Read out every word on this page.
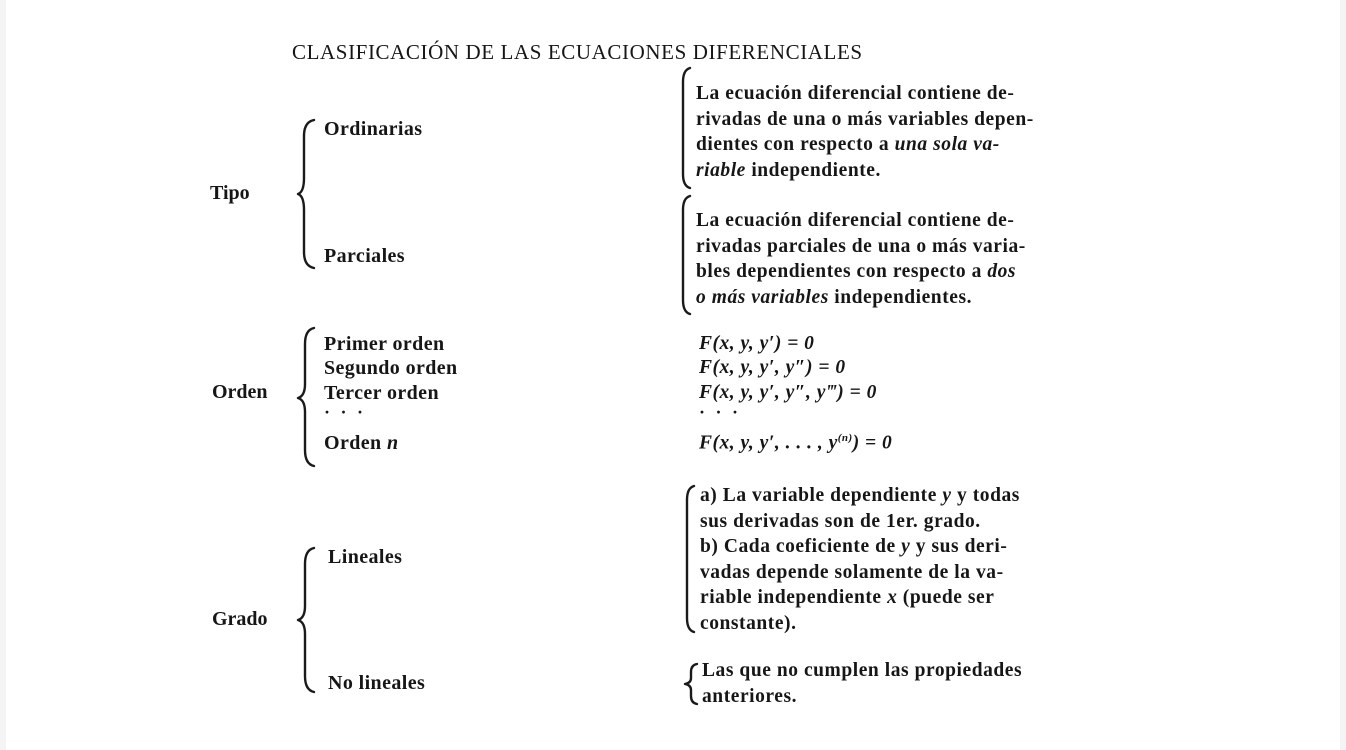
CLASIFICACIÓN DE LAS ECUACIONES DIFERENCIALES
Tipo
Ordinarias
Parciales
La ecuación diferencial contiene de-
rivadas de una o más variables depen-
dientes con respecto a una sola va-
riable independiente.
La ecuación diferencial contiene de-
rivadas parciales de una o más varia-
bles dependientes con respecto a dos
o más variables independientes.
Orden
Primer orden
Segundo orden
Tercer orden
· · ·
Orden n
F(x, y, y′) = 0
F(x, y, y′, y″) = 0
F(x, y, y′, y″, y‴) = 0
· · ·
F(x, y, y′, . . . , $y^{(n)}) = 0$
Grado
Lineales
No lineales
a) La variable dependiente y y todas
sus derivadas son de 1er. grado.
b) Cada coeficiente de y y sus deri-
vadas depende solamente de la va-
riable independiente x (puede ser
constante).
Las que no cumplen las propiedades
anteriores.
